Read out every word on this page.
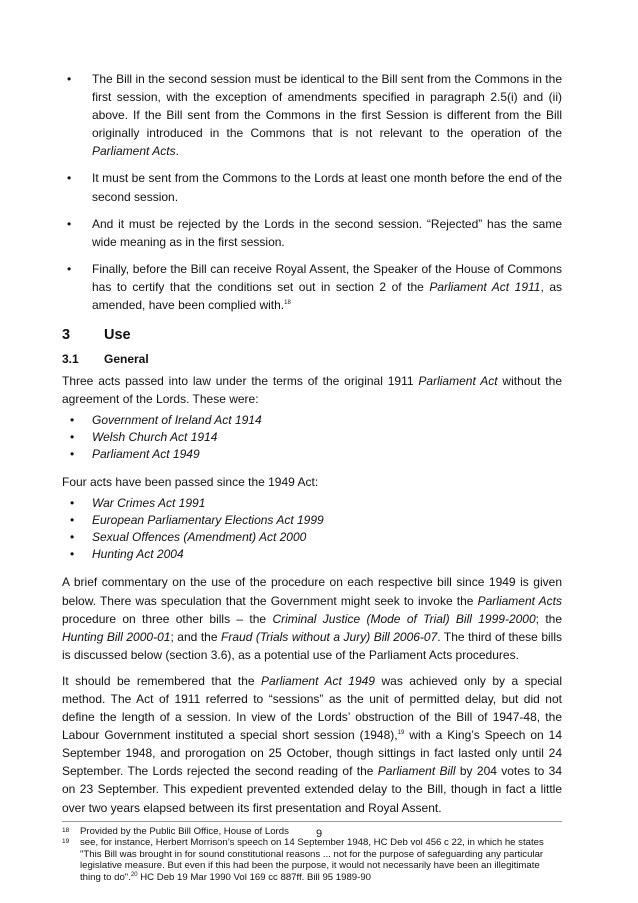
• The Bill in the second session must be identical to the Bill sent from the Commons in the first session, with the exception of amendments specified in paragraph 2.5(i) and (ii) above. If the Bill sent from the Commons in the first Session is different from the Bill originally introduced in the Commons that is not relevant to the operation of the Parliament Acts.

• It must be sent from the Commons to the Lords at least one month before the end of the second session.

• And it must be rejected by the Lords in the second session. “Rejected” has the same wide meaning as in the first session.

• Finally, before the Bill can receive Royal Assent, the Speaker of the House of Commons has to certify that the conditions set out in section 2 of the Parliament Act 1911, as amended, have been complied with.$^{18}$

3 Use
3.1 General

Three acts passed into law under the terms of the original 1911 Parliament Act without the agreement of the Lords. These were:

• Government of Ireland Act 1914
• Welsh Church Act 1914
• Parliament Act 1949

Four acts have been passed since the 1949 Act:

• War Crimes Act 1991
• European Parliamentary Elections Act 1999
• Sexual Offences (Amendment) Act 2000
• Hunting Act 2004

A brief commentary on the use of the procedure on each respective bill since 1949 is given below. There was speculation that the Government might seek to invoke the Parliament Acts procedure on three other bills – the Criminal Justice (Mode of Trial) Bill 1999-2000; the Hunting Bill 2000-01; and the Fraud (Trials without a Jury) Bill 2006-07. The third of these bills is discussed below (section 3.6), as a potential use of the Parliament Acts procedures.

It should be remembered that the Parliament Act 1949 was achieved only by a special method. The Act of 1911 referred to “sessions” as the unit of permitted delay, but did not define the length of a session. In view of the Lords’ obstruction of the Bill of 1947-48, the Labour Government instituted a special short session (1948),$^{19}$ with a King’s Speech on 14 September 1948, and prorogation on 25 October, though sittings in fact lasted only until 24 September. The Lords rejected the second reading of the Parliament Bill by 204 votes to 34 on 23 September. This expedient prevented extended delay to the Bill, though in fact a little over two years elapsed between its first presentation and Royal Assent.

18 Provided by the Public Bill Office, House of Lords
19 see, for instance, Herbert Morrison’s speech on 14 September 1948, HC Deb vol 456 c 22, in which he states "This Bill was brought in for sound constitutional reasons ... not for the purpose of safeguarding any particular legislative measure. But even if this had been the purpose, it would not necessarily have been an illegitimate thing to do".$^{20}$ HC Deb 19 Mar 1990 Vol 169 cc 887ff. Bill 95 1989-90
9
